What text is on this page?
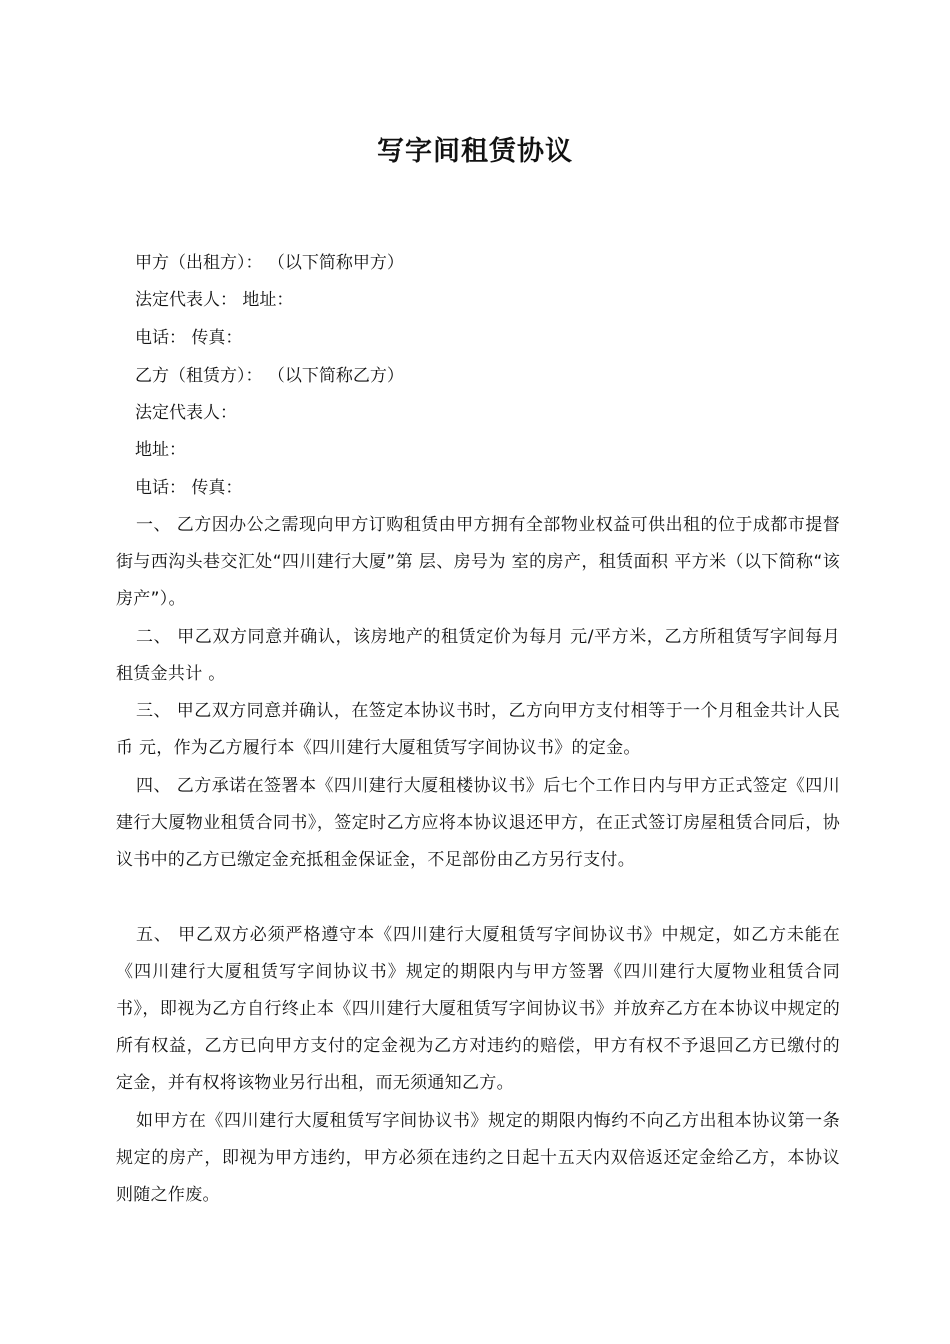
写字间租赁协议
甲方（出租方）： （以下简称甲方）
法定代表人： 地址：
电话： 传真：
乙方（租赁方）： （以下简称乙方）
法定代表人：
地址：
电话： 传真：
一、 乙方因办公之需现向甲方订购租赁由甲方拥有全部物业权益可供出租的位于成都市提督街与西沟头巷交汇处“四川建行大厦”第 层、房号为 室的房产，租赁面积 平方米（以下简称“该房产”）。
二、 甲乙双方同意并确认，该房地产的租赁定价为每月 元/平方米，乙方所租赁写字间每月租赁金共计 。
三、 甲乙双方同意并确认，在签定本协议书时，乙方向甲方支付相等于一个月租金共计人民币 元，作为乙方履行本《四川建行大厦租赁写字间协议书》的定金。
四、 乙方承诺在签署本《四川建行大厦租楼协议书》后七个工作日内与甲方正式签定《四川建行大厦物业租赁合同书》，签定时乙方应将本协议退还甲方，在正式签订房屋租赁合同后，协议书中的乙方已缴定金充抵租金保证金，不足部份由乙方另行支付。
五、 甲乙双方必须严格遵守本《四川建行大厦租赁写字间协议书》中规定，如乙方未能在《四川建行大厦租赁写字间协议书》规定的期限内与甲方签署《四川建行大厦物业租赁合同书》，即视为乙方自行终止本《四川建行大厦租赁写字间协议书》并放弃乙方在本协议中规定的所有权益，乙方已向甲方支付的定金视为乙方对违约的赔偿，甲方有权不予退回乙方已缴付的定金，并有权将该物业另行出租，而无须通知乙方。
如甲方在《四川建行大厦租赁写字间协议书》规定的期限内悔约不向乙方出租本协议第一条规定的房产，即视为甲方违约，甲方必须在违约之日起十五天内双倍返还定金给乙方，本协议则随之作废。
